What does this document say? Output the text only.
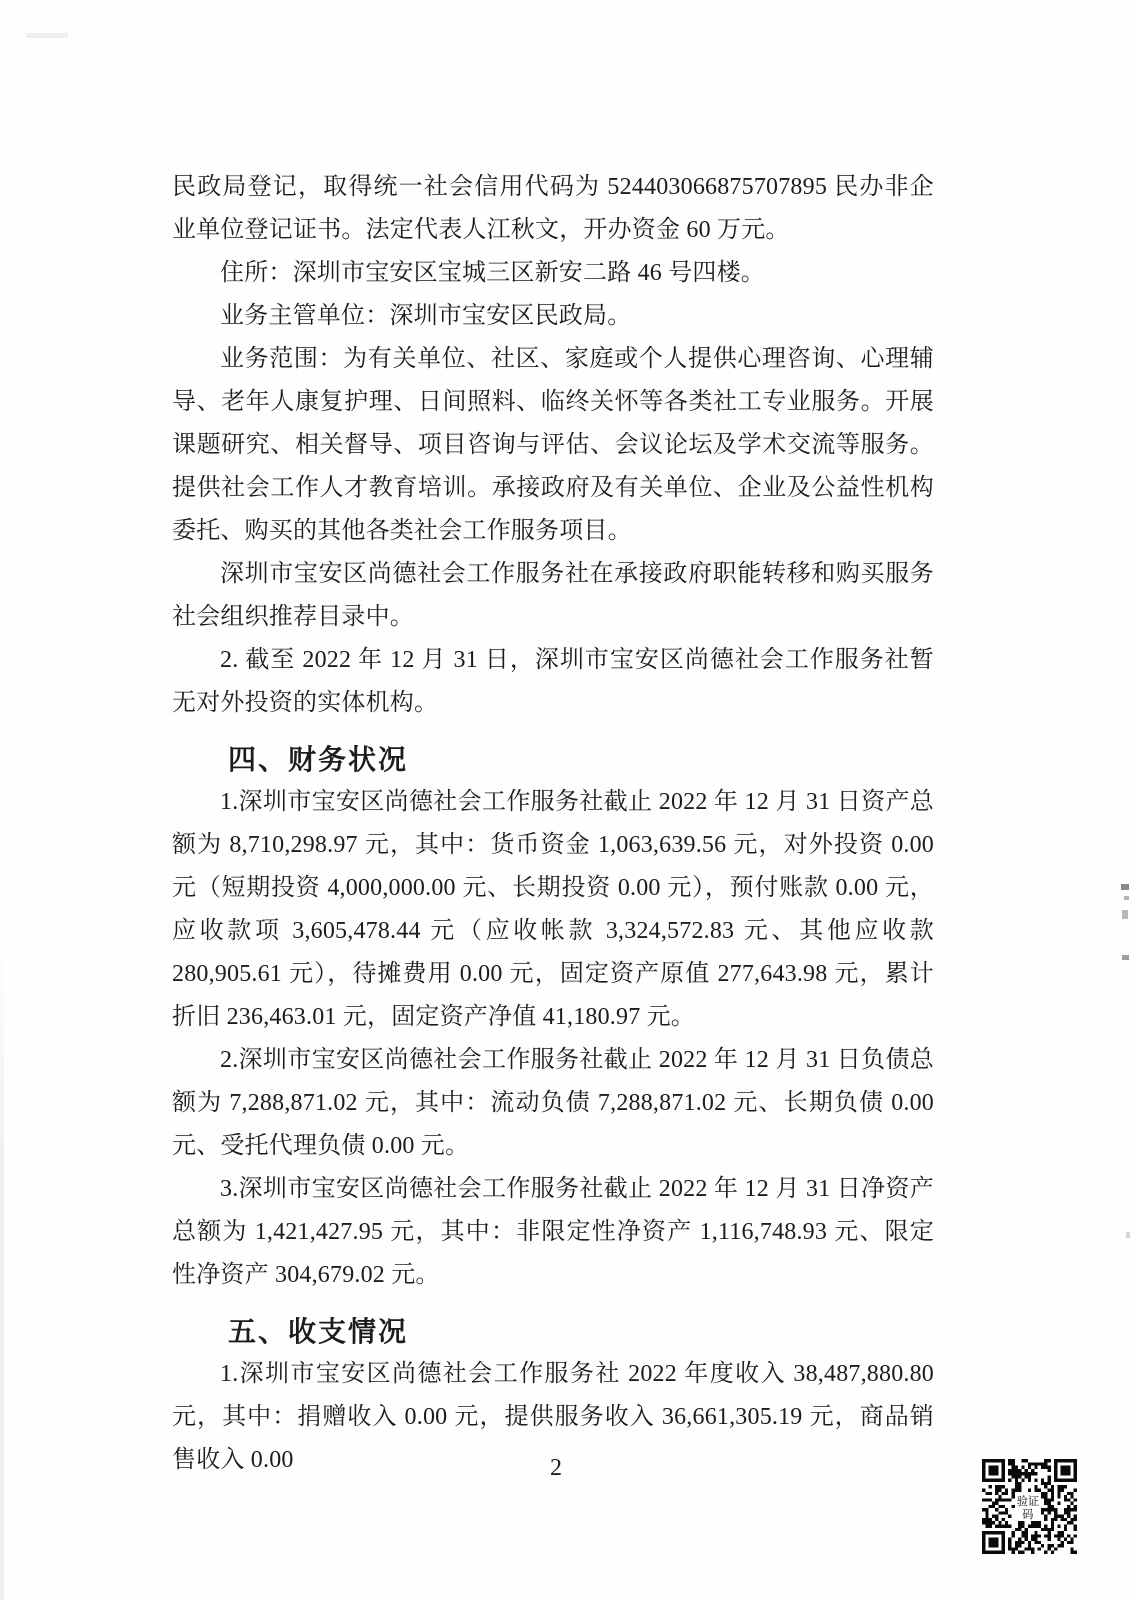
民政局登记，取得统一社会信用代码为 524403066875707895 民办非企业单位登记证书。法定代表人江秋文，开办资金 60 万元。

住所：深圳市宝安区宝城三区新安二路 46 号四楼。

业务主管单位：深圳市宝安区民政局。

业务范围：为有关单位、社区、家庭或个人提供心理咨询、心理辅导、老年人康复护理、日间照料、临终关怀等各类社工专业服务。开展课题研究、相关督导、项目咨询与评估、会议论坛及学术交流等服务。提供社会工作人才教育培训。承接政府及有关单位、企业及公益性机构委托、购买的其他各类社会工作服务项目。

深圳市宝安区尚德社会工作服务社在承接政府职能转移和购买服务社会组织推荐目录中。

2. 截至 2022 年 12 月 31 日，深圳市宝安区尚德社会工作服务社暂无对外投资的实体机构。

四、财务状况

1.深圳市宝安区尚德社会工作服务社截止 2022 年 12 月 31 日资产总额为 8,710,298.97 元，其中：货币资金 1,063,639.56 元，对外投资 0.00 元（短期投资 4,000,000.00 元、长期投资 0.00 元），预付账款 0.00 元，应收款项 3,605,478.44 元（应收帐款 3,324,572.83 元、其他应收款 280,905.61 元），待摊费用 0.00 元，固定资产原值 277,643.98 元，累计折旧 236,463.01 元，固定资产净值 41,180.97 元。

2.深圳市宝安区尚德社会工作服务社截止 2022 年 12 月 31 日负债总额为 7,288,871.02 元，其中：流动负债 7,288,871.02 元、长期负债 0.00 元、受托代理负债 0.00 元。

3.深圳市宝安区尚德社会工作服务社截止 2022 年 12 月 31 日净资产总额为 1,421,427.95 元，其中：非限定性净资产 1,116,748.93 元、限定性净资产 304,679.02 元。

五、收支情况

1.深圳市宝安区尚德社会工作服务社 2022 年度收入 38,487,880.80 元，其中：捐赠收入 0.00 元，提供服务收入 36,661,305.19 元，商品销售收入 0.00	2
验证
码
